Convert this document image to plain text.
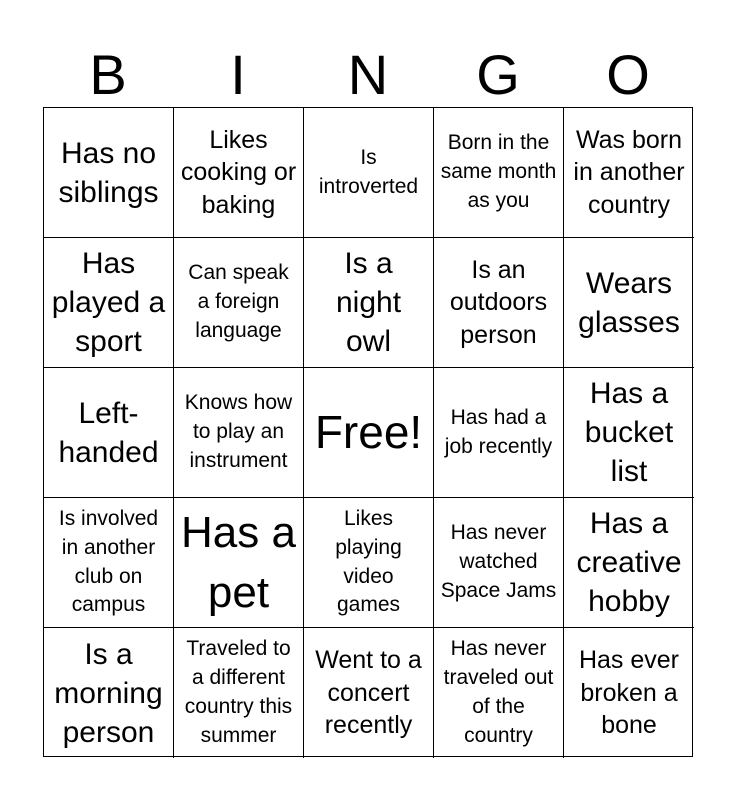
B	I	N	G	O
Has no siblings
Likes cooking or baking
Is introverted
Born in the same month as you
Was born in another country
Has played a sport
Can speak a foreign language
Is a night owl
Is an outdoors person
Wears glasses
Left-handed
Knows how to play an instrument
Free!	Has had a job recently
Has a bucket list
Is involved in another club on campus
Has a pet
Likes playing video games
Has never watched Space Jams
Has a creative hobby
Is a morning person
Traveled to a different country this summer
Went to a concert recently
Has never traveled out of the country
Has ever broken a bone
